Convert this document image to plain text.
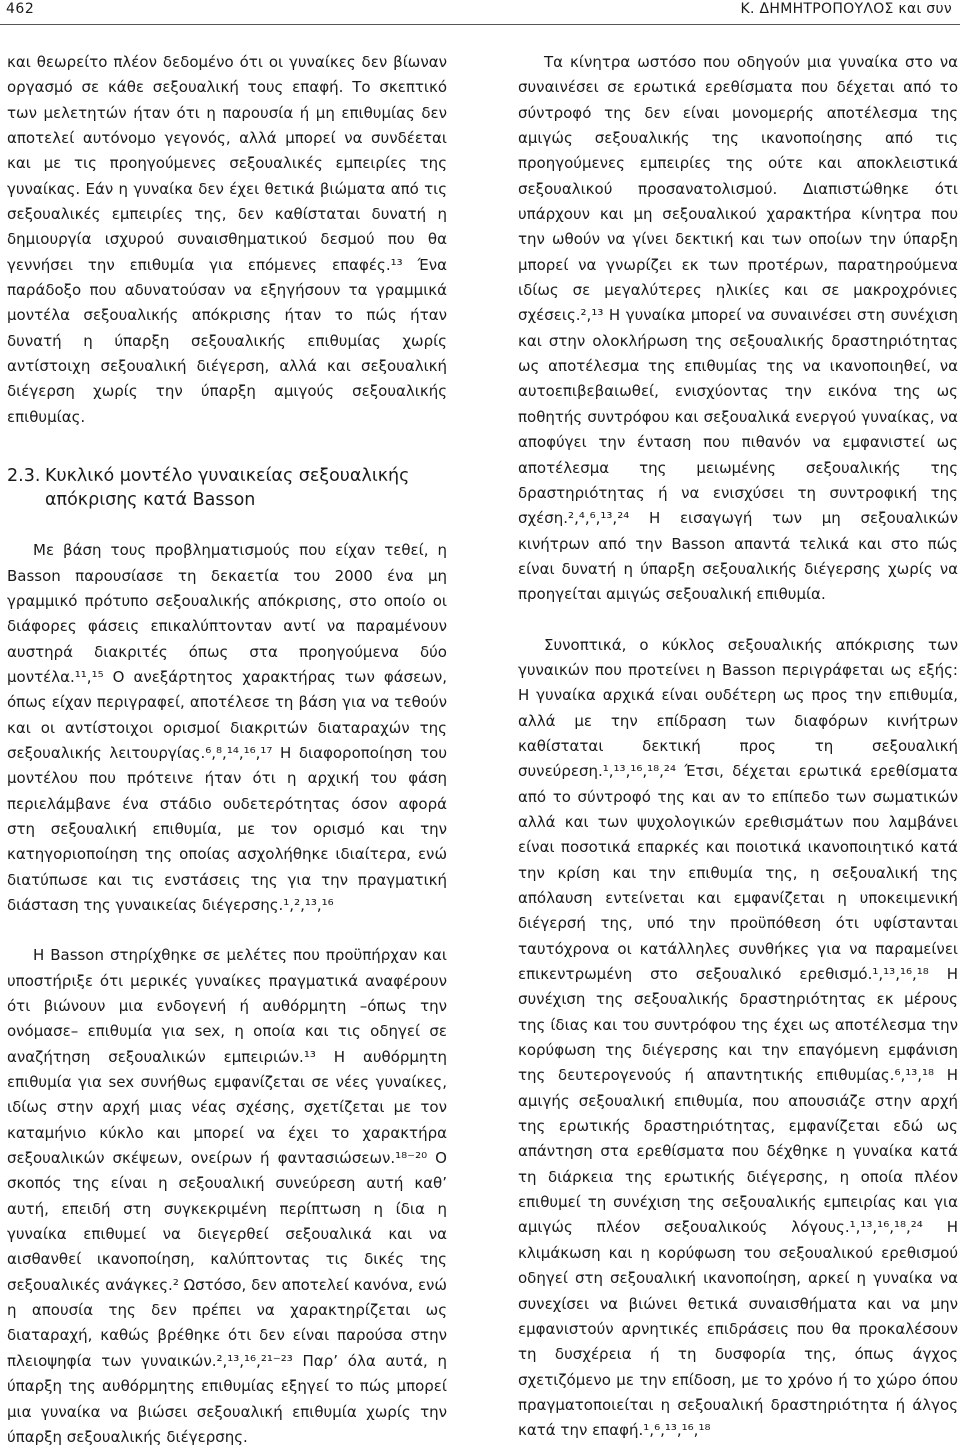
462	Κ. ΔΗΜΗΤΡΟΠΟΥΛΟΣ και συν

και θεωρείτο πλέον δεδομένο ότι οι γυναίκες δεν βίωναν οργασμό σε κάθε σεξουαλική τους επαφή. Το σκεπτικό των μελετητών ήταν ότι η παρουσία ή μη επιθυμίας δεν αποτελεί αυτόνομο γεγονός, αλλά μπορεί να συνδέεται και με τις προηγούμενες σεξουαλικές εμπειρίες της γυναίκας. Εάν η γυναίκα δεν έχει θετικά βιώματα από τις σεξουαλικές εμπειρίες της, δεν καθίσταται δυνατή η δημιουργία ισχυρού συναισθηματικού δεσμού που θα γεννήσει την επιθυμία για επόμενες επαφές.¹³ Ένα παράδοξο που αδυνατούσαν να εξηγήσουν τα γραμμικά μοντέλα σεξουαλικής απόκρισης ήταν το πώς ήταν δυνατή η ύπαρξη σεξουαλικής επιθυμίας χωρίς αντίστοιχη σεξουαλική διέγερση, αλλά και σεξουαλική διέγερση χωρίς την ύπαρξη αμιγούς σεξουαλικής επιθυμίας.

2.3. Κυκλικό μοντέλο γυναικείας σεξουαλικής
απόκρισης κατά Basson

Με βάση τους προβληματισμούς που είχαν τεθεί, η Basson παρουσίασε τη δεκαετία του 2000 ένα μη γραμμικό πρότυπο σεξουαλικής απόκρισης, στο οποίο οι διάφορες φάσεις επικαλύπτονταν αντί να παραμένουν αυστηρά διακριτές όπως στα προηγούμενα δύο μοντέλα.¹¹,¹⁵ Ο ανεξάρτητος χαρακτήρας των φάσεων, όπως είχαν περιγραφεί, αποτέλεσε τη βάση για να τεθούν και οι αντίστοιχοι ορισμοί διακριτών διαταραχών της σεξουαλικής λειτουργίας.⁶,⁸,¹⁴,¹⁶,¹⁷ Η διαφοροποίηση του μοντέλου που πρότεινε ήταν ότι η αρχική του φάση περιελάμβανε ένα στάδιο ουδετερότητας όσον αφορά στη σεξουαλική επιθυμία, με τον ορισμό και την κατηγοριοποίηση της οποίας ασχολήθηκε ιδιαίτερα, ενώ διατύπωσε και τις ενστάσεις της για την πραγματική διάσταση της γυναικείας διέγερσης.¹,²,¹³,¹⁶

Η Basson στηρίχθηκε σε μελέτες που προϋπήρχαν και υποστήριξε ότι μερικές γυναίκες πραγματικά αναφέρουν ότι βιώνουν μια ενδογενή ή αυθόρμητη –όπως την ονόμασε– επιθυμία για sex, η οποία και τις οδηγεί σε αναζήτηση σεξουαλικών εμπειριών.¹³ Η αυθόρμητη επιθυμία για sex συνήθως εμφανίζεται σε νέες γυναίκες, ιδίως στην αρχή μιας νέας σχέσης, σχετίζεται με τον καταμήνιο κύκλο και μπορεί να έχει το χαρακτήρα σεξουαλικών σκέψεων, ονείρων ή φαντασιώσεων.¹⁸⁻²⁰ Ο σκοπός της είναι η σεξουαλική συνεύρεση αυτή καθ’ αυτή, επειδή στη συγκεκριμένη περίπτωση η ίδια η γυναίκα επιθυμεί να διεγερθεί σεξουαλικά και να αισθανθεί ικανοποίηση, καλύπτοντας τις δικές της σεξουαλικές ανάγκες.² Ωστόσο, δεν αποτελεί κανόνα, ενώ η απουσία της δεν πρέπει να χαρακτηρίζεται ως διαταραχή, καθώς βρέθηκε ότι δεν είναι παρούσα στην πλειοψηφία των γυναικών.²,¹³,¹⁶,²¹⁻²³ Παρ’ όλα αυτά, η ύπαρξη της αυθόρμητης επιθυμίας εξηγεί το πώς μπορεί μια γυναίκα να βιώσει σεξουαλική επιθυμία χωρίς την ύπαρξη σεξουαλικής διέγερσης.

Τα κίνητρα ωστόσο που οδηγούν μια γυναίκα στο να συναινέσει σε ερωτικά ερεθίσματα που δέχεται από το σύντροφό της δεν είναι μονομερής αποτέλεσμα της αμιγώς σεξουαλικής της ικανοποίησης από τις προηγούμενες εμπειρίες της ούτε και αποκλειστικά σεξουαλικού προσανατολισμού. Διαπιστώθηκε ότι υπάρχουν και μη σεξουαλικού χαρακτήρα κίνητρα που την ωθούν να γίνει δεκτική και των οποίων την ύπαρξη μπορεί να γνωρίζει εκ των προτέρων, παρατηρούμενα ιδίως σε μεγαλύτερες ηλικίες και σε μακροχρόνιες σχέσεις.²,¹³ Η γυναίκα μπορεί να συναινέσει στη συνέχιση και στην ολοκλήρωση της σεξουαλικής δραστηριότητας ως αποτέλεσμα της επιθυμίας της να ικανοποιηθεί, να αυτοεπιβεβαιωθεί, ενισχύοντας την εικόνα της ως ποθητής συντρόφου και σεξουαλικά ενεργού γυναίκας, να αποφύγει την ένταση που πιθανόν να εμφανιστεί ως αποτέλεσμα της μειωμένης σεξουαλικής της δραστηριότητας ή να ενισχύσει τη συντροφική της σχέση.²,⁴,⁶,¹³,²⁴ Η εισαγωγή των μη σεξουαλικών κινήτρων από την Basson απαντά τελικά και στο πώς είναι δυνατή η ύπαρξη σεξουαλικής διέγερσης χωρίς να προηγείται αμιγώς σεξουαλική επιθυμία.

Συνοπτικά, ο κύκλος σεξουαλικής απόκρισης των γυναικών που προτείνει η Basson περιγράφεται ως εξής: Η γυναίκα αρχικά είναι ουδέτερη ως προς την επιθυμία, αλλά με την επίδραση των διαφόρων κινήτρων καθίσταται δεκτική προς τη σεξουαλική συνεύρεση.¹,¹³,¹⁶,¹⁸,²⁴ Έτσι, δέχεται ερωτικά ερεθίσματα από το σύντροφό της και αν το επίπεδο των σωματικών αλλά και των ψυχολογικών ερεθισμάτων που λαμβάνει είναι ποσοτικά επαρκές και ποιοτικά ικανοποιητικό κατά την κρίση και την επιθυμία της, η σεξουαλική της απόλαυση εντείνεται και εμφανίζεται η υποκειμενική διέγερσή της, υπό την προϋπόθεση ότι υφίστανται ταυτόχρονα οι κατάλληλες συνθήκες για να παραμείνει επικεντρωμένη στο σεξουαλικό ερεθισμό.¹,¹³,¹⁶,¹⁸ Η συνέχιση της σεξουαλικής δραστηριότητας εκ μέρους της ίδιας και του συντρόφου της έχει ως αποτέλεσμα την κορύφωση της διέγερσης και την επαγόμενη εμφάνιση της δευτερογενούς ή απαντητικής επιθυμίας.⁶,¹³,¹⁸ Η αμιγής σεξουαλική επιθυμία, που απουσιάζε στην αρχή της ερωτικής δραστηριότητας, εμφανίζεται εδώ ως απάντηση στα ερεθίσματα που δέχθηκε η γυναίκα κατά τη διάρκεια της ερωτικής διέγερσης, η οποία πλέον επιθυμεί τη συνέχιση της σεξουαλικής εμπειρίας και για αμιγώς πλέον σεξουαλικούς λόγους.¹,¹³,¹⁶,¹⁸,²⁴ Η κλιμάκωση και η κορύφωση του σεξουαλικού ερεθισμού οδηγεί στη σεξουαλική ικανοποίηση, αρκεί η γυναίκα να συνεχίσει να βιώνει θετικά συναισθήματα και να μην εμφανιστούν αρνητικές επιδράσεις που θα προκαλέσουν τη δυσχέρεια ή τη δυσφορία της, όπως άγχος σχετιζόμενο με την επίδοση, με το χρόνο ή το χώρο όπου πραγματοποιείται η σεξουαλική δραστηριότητα ή άλγος κατά την επαφή.¹,⁶,¹³,¹⁶,¹⁸
